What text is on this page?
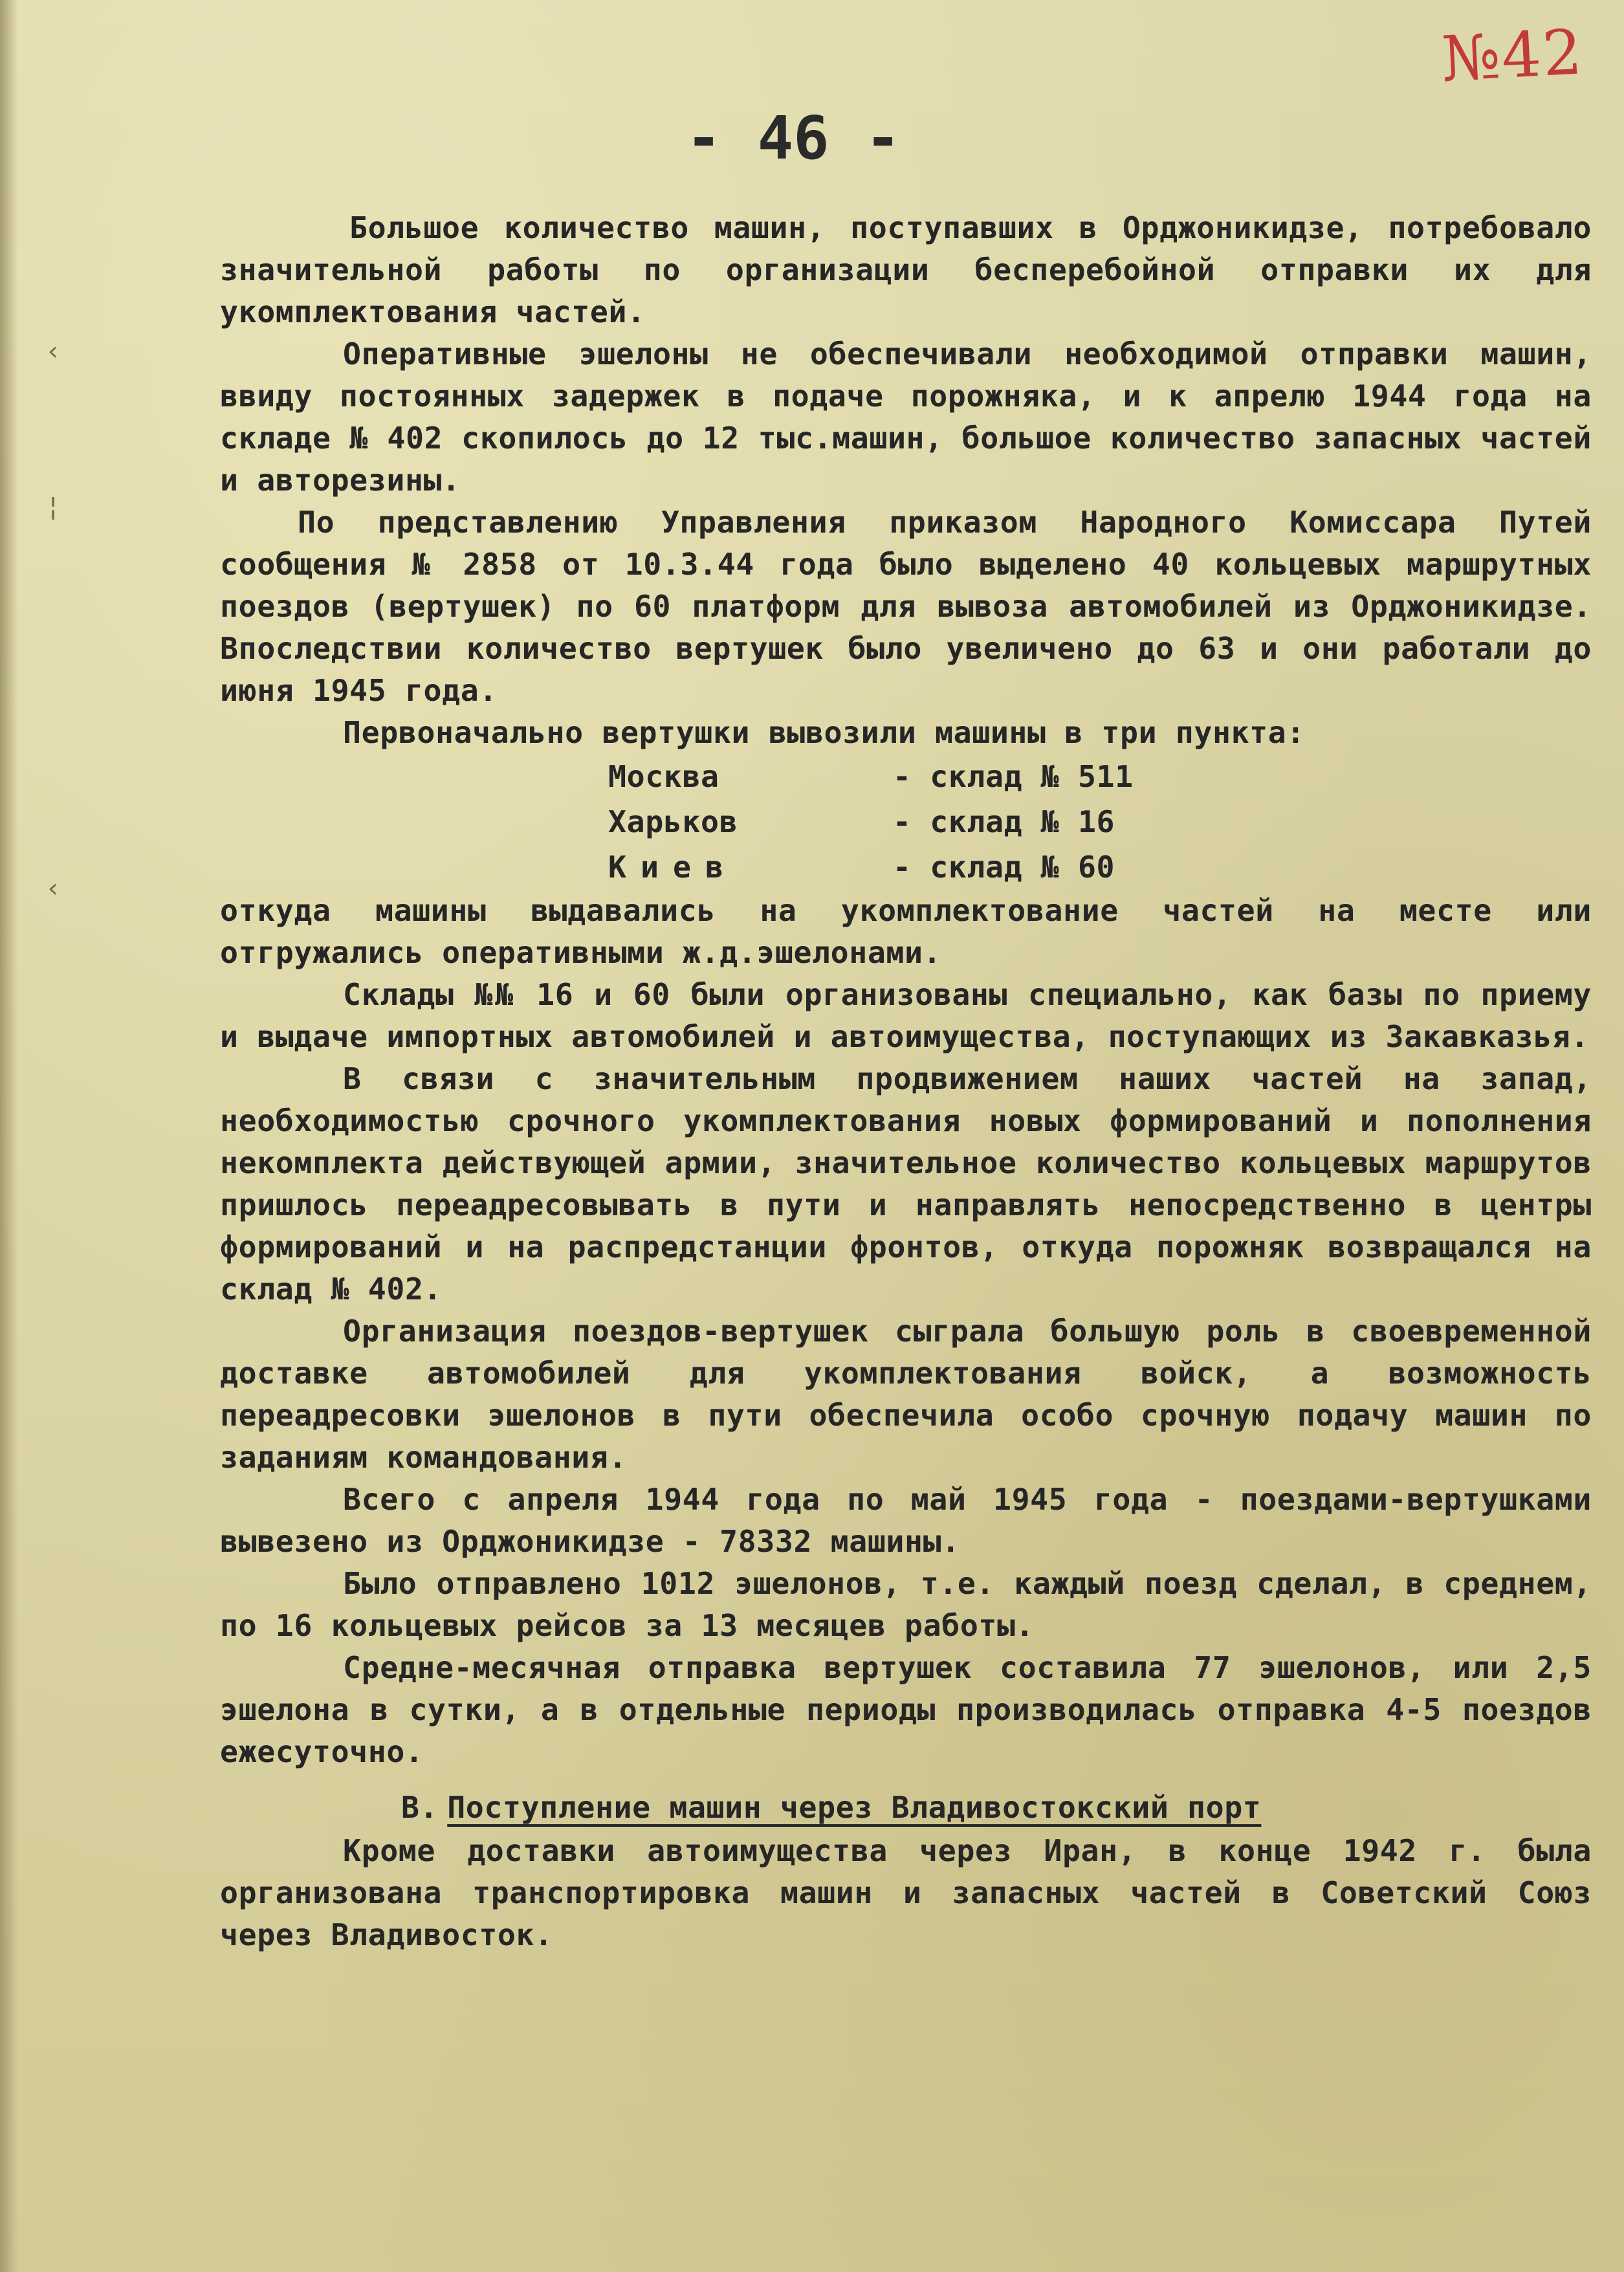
‹
¦
‹
№42
- 46 -

Большое количество машин, поступавших в Орджоникидзе, потребовало значительной работы по организации бесперебойной отправки их для укомплектования частей.

Оперативные эшелоны не обеспечивали необходимой отправки машин, ввиду постоянных задержек в подаче порожняка, и к апрелю 1944 года на складе № 402 скопилось до 12 тыс.машин, большое количество запасных частей и авторезины.

По представлению Управления приказом Народного Комиссара Путей сообщения № 2858 от 10.3.44 года было выделено 40 кольцевых маршрутных поездов (вертушек) по 60 платформ для вывоза автомобилей из Орджоникидзе. Впоследствии количество вертушек было увеличено до 63 и они работали до июня 1945 года.

Первоначально вертушки вывозили машины в три пункта:

Москва	- склад № 511
Харьков	- склад № 16
Киев	- склад № 60

откуда машины выдавались на укомплектование частей на месте или отгружались оперативными ж.д.эшелонами.

Склады №№ 16 и 60 были организованы специально, как базы по приему и выдаче импортных автомобилей и автоимущества, поступающих из Закавказья.

В связи с значительным продвижением наших частей на запад, необходимостью срочного укомплектования новых формирований и пополнения некомплекта действующей армии, значительное количество кольцевых маршрутов пришлось переадресовывать в пути и направлять непосредственно в центры формирований и на распредстанции фронтов, откуда порожняк возвращался на склад № 402.

Организация поездов-вертушек сыграла большую роль в своевременной доставке автомобилей для укомплектования войск, а возможность переадресовки эшелонов в пути обеспечила особо срочную подачу машин по заданиям командования.

Всего с апреля 1944 года по май 1945 года - поездами-вертушками вывезено из Орджоникидзе - 78332 машины.

Было отправлено 1012 эшелонов, т.е. каждый поезд сделал, в среднем, по 16 кольцевых рейсов за 13 месяцев работы.

Средне-месячная отправка вертушек составила 77 эшелонов, или 2,5 эшелона в сутки, а в отдельные периоды производилась отправка 4-5 поездов ежесуточно.

В. Поступление машин через Владивостокский порт

Кроме доставки автоимущества через Иран, в конце 1942 г. была организована транспортировка машин и запасных частей в Советский Союз через Владивосток.
